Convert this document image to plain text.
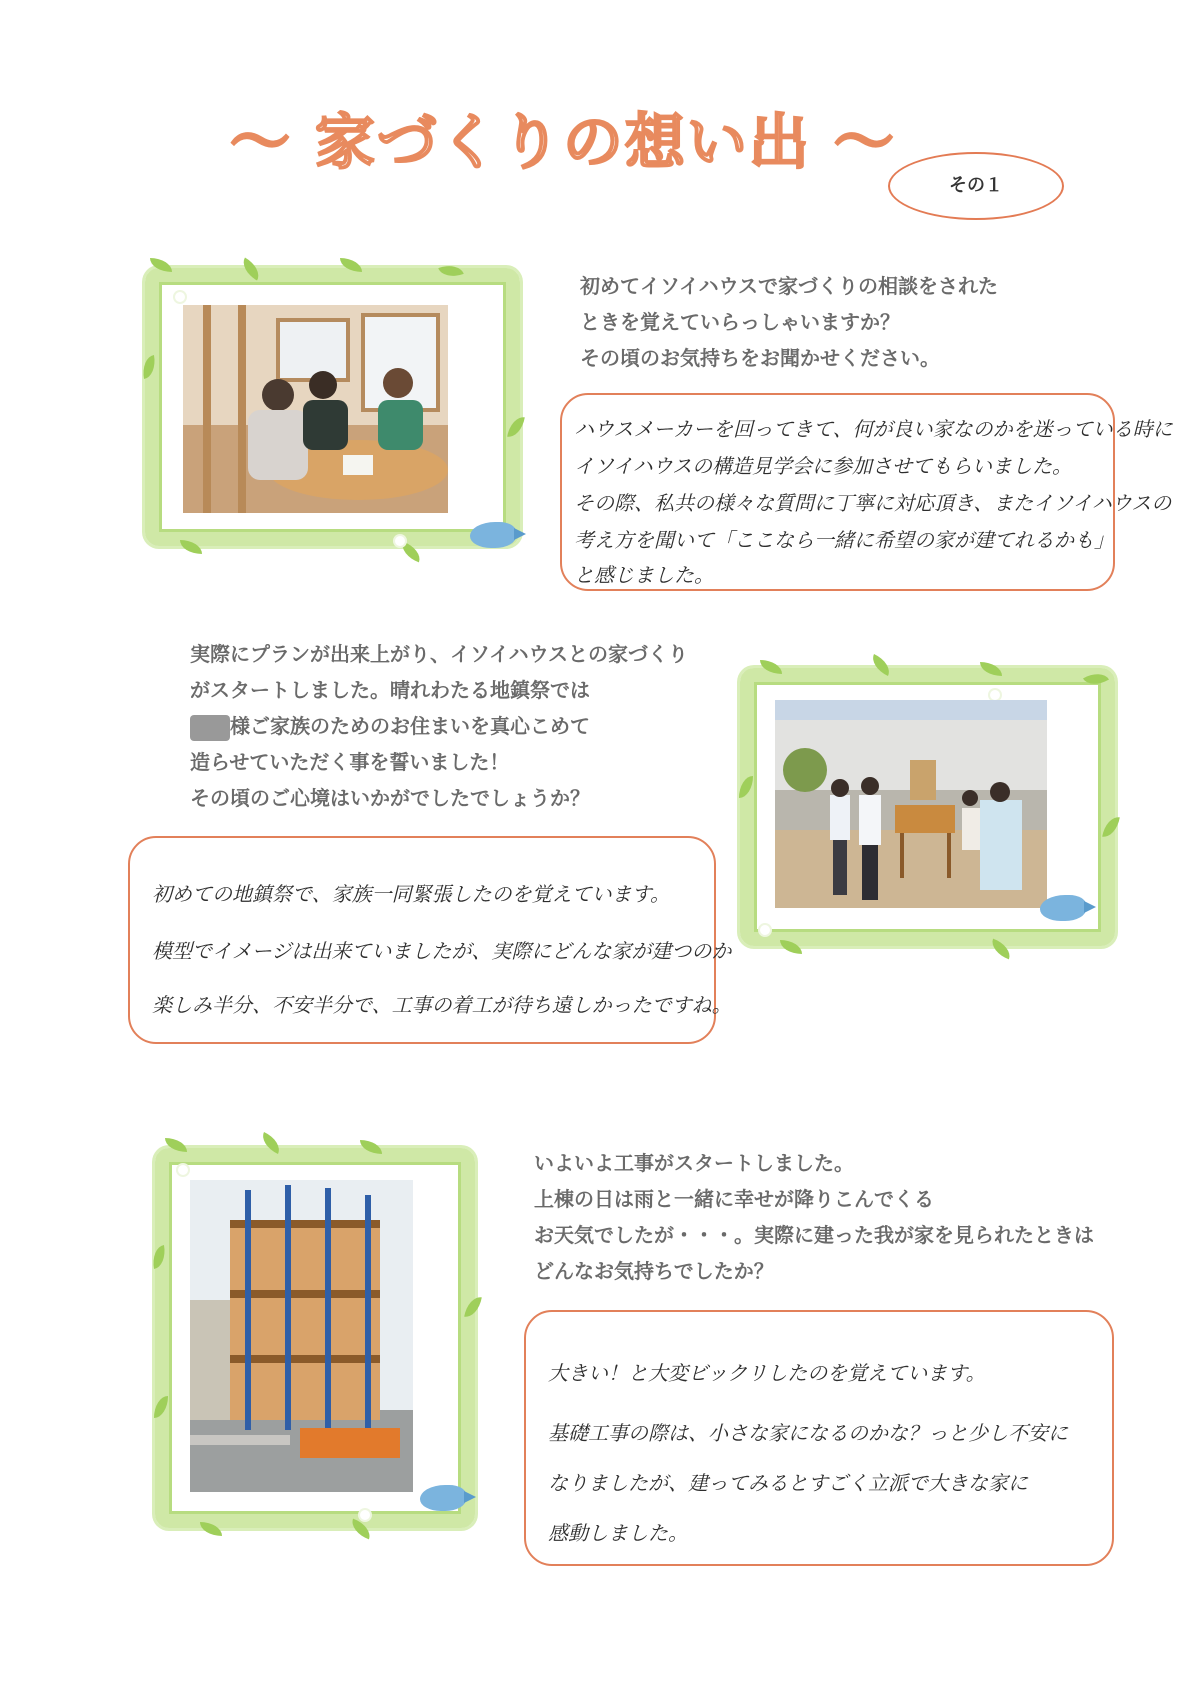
～ 家づくりの想い出 ～
その１
初めてイソイハウスで家づくりの相談をされた
ときを覚えていらっしゃいますか？
その頃のお気持ちをお聞かせください。
ハウスメーカーを回ってきて、何が良い家なのかを迷っている時に
イソイハウスの構造見学会に参加させてもらいました。
その際、私共の様々な質問に丁寧に対応頂き、またイソイハウスの
考え方を聞いて「ここなら一緒に希望の家が建てれるかも」
と感じました。
実際にプランが出来上がり、イソイハウスとの家づくり
がスタートしました。晴れわたる地鎮祭では
様ご家族のためのお住まいを真心こめて
造らせていただく事を誓いました！
その頃のご心境はいかがでしたでしょうか？
初めての地鎮祭で、家族一同緊張したのを覚えています。
模型でイメージは出来ていましたが、実際にどんな家が建つのか
楽しみ半分、不安半分で、工事の着工が待ち遠しかったですね。
いよいよ工事がスタートしました。
上棟の日は雨と一緒に幸せが降りこんでくる
お天気でしたが・・・。実際に建った我が家を見られたときは
どんなお気持ちでしたか？
大きい！と大変ビックリしたのを覚えています。
基礎工事の際は、小さな家になるのかな？っと少し不安に
なりましたが、建ってみるとすごく立派で大きな家に
感動しました。
